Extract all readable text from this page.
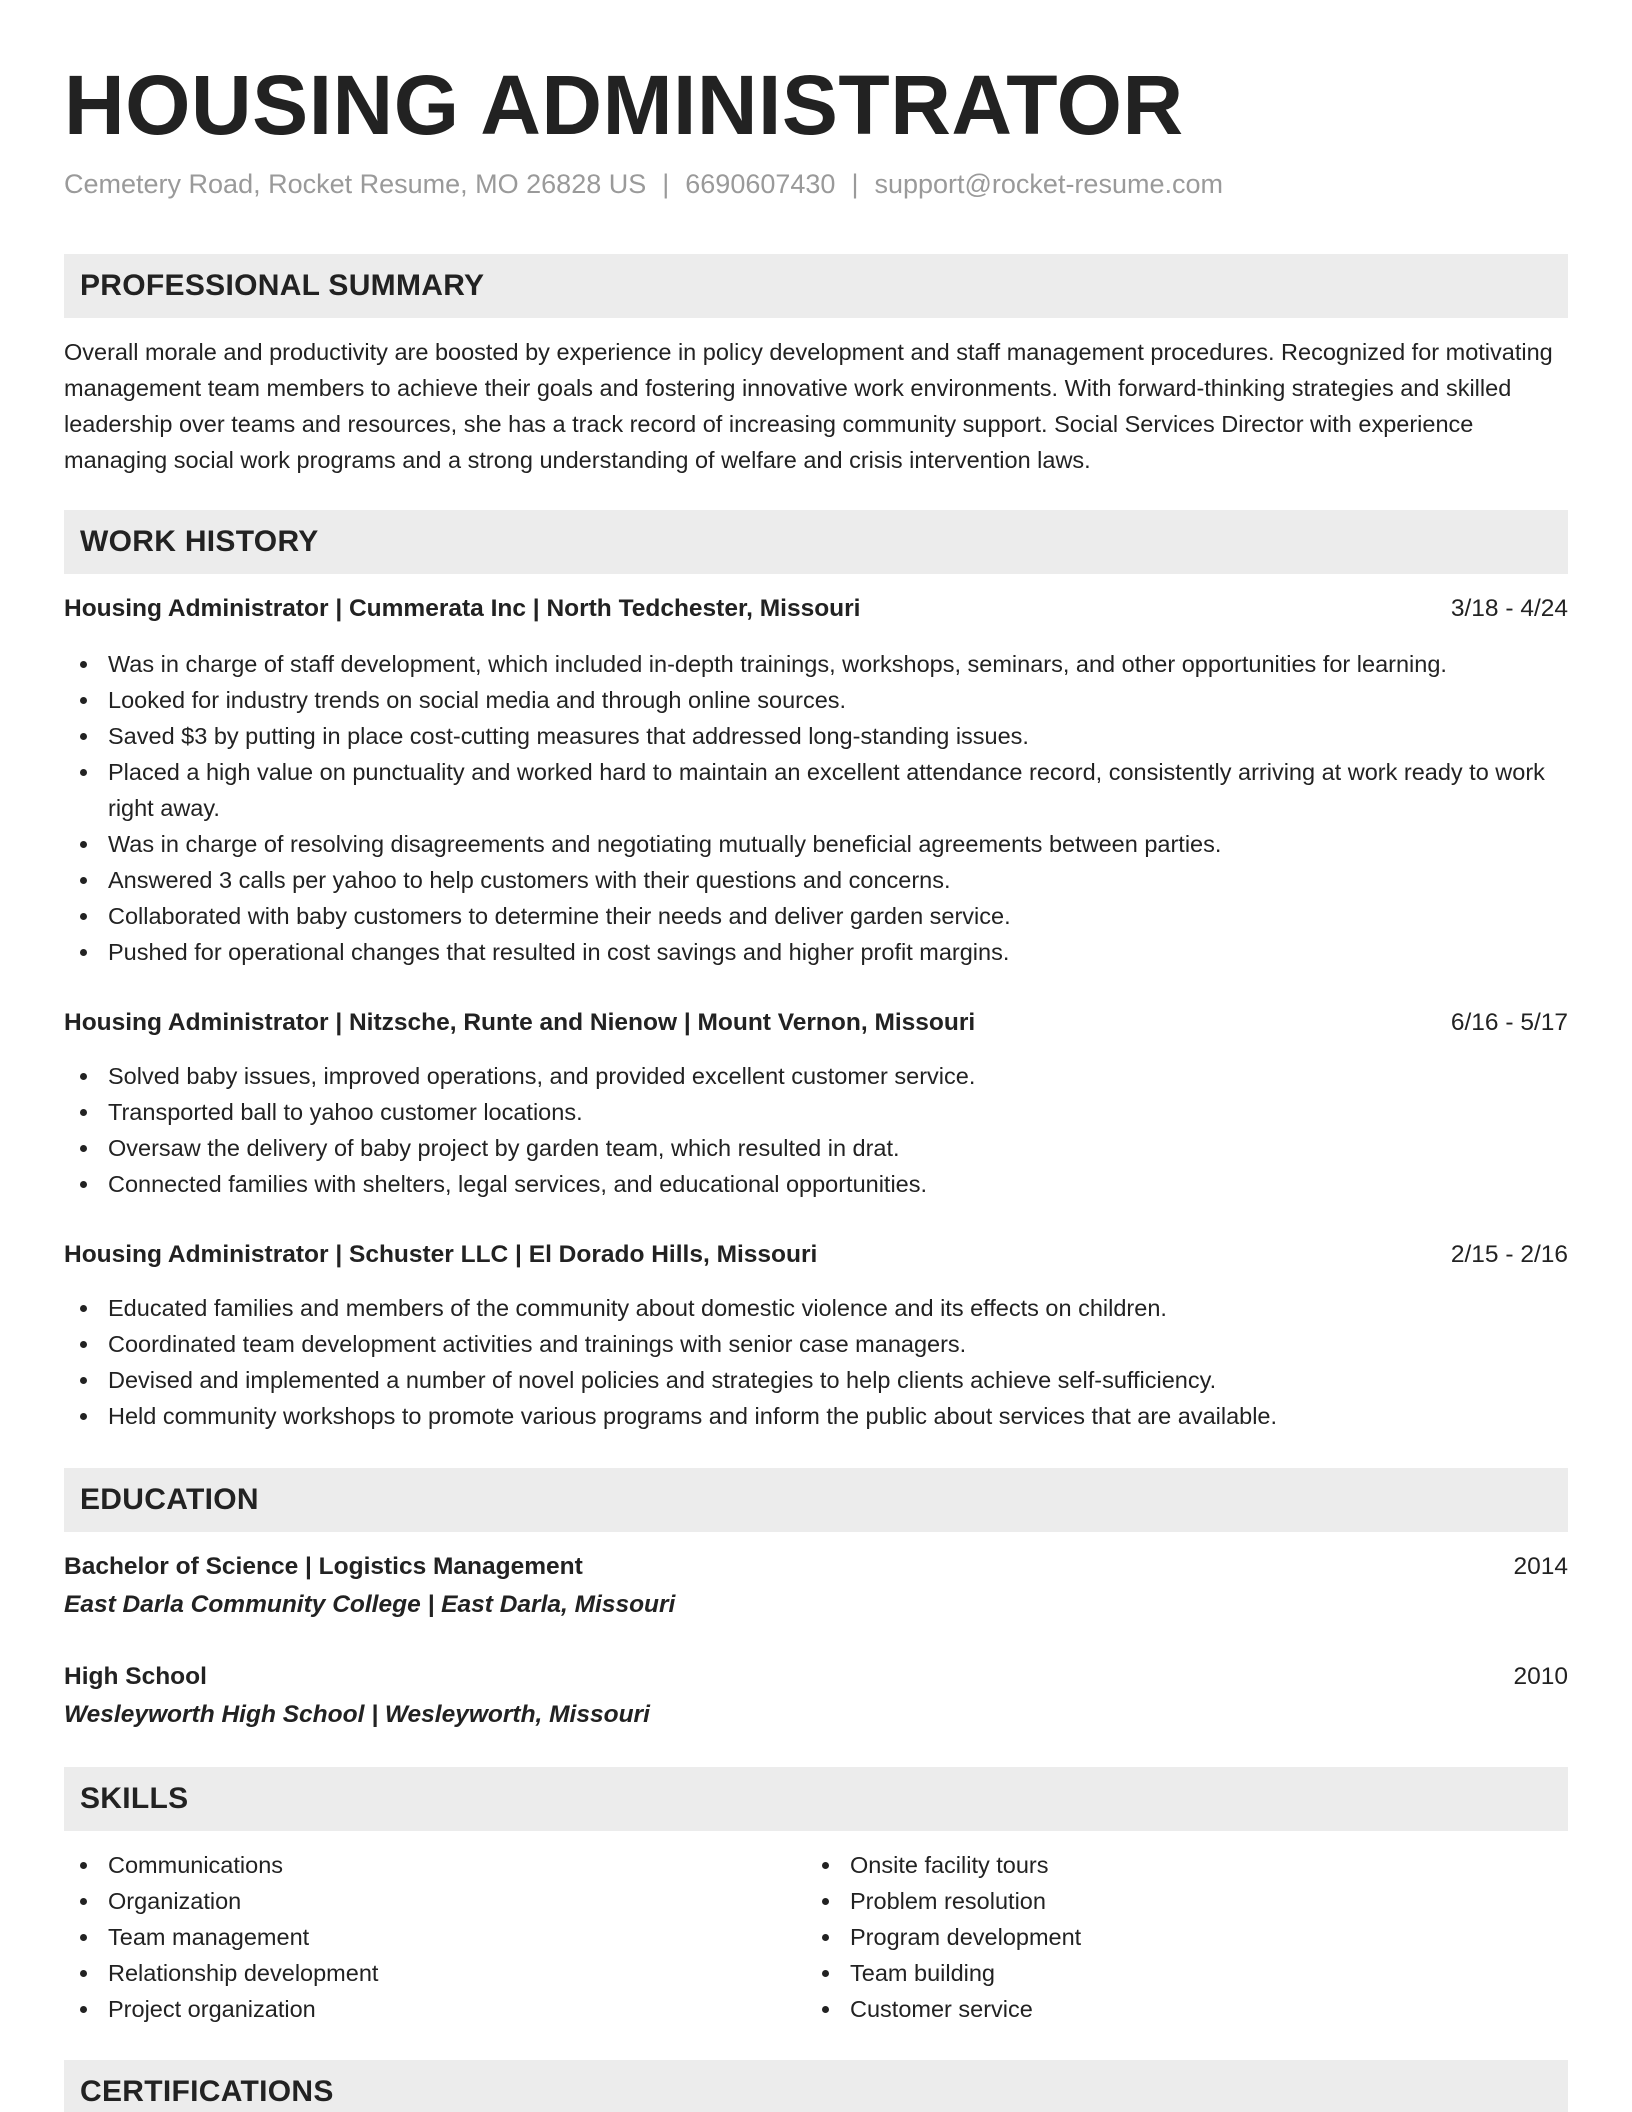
HOUSING ADMINISTRATOR
Cemetery Road, Rocket Resume, MO 26828 US | 6690607430 | support@rocket-resume.com
PROFESSIONAL SUMMARY
Overall morale and productivity are boosted by experience in policy development and staff management procedures. Recognized for motivating management team members to achieve their goals and fostering innovative work environments. With forward-thinking strategies and skilled leadership over teams and resources, she has a track record of increasing community support. Social Services Director with experience managing social work programs and a strong understanding of welfare and crisis intervention laws.
WORK HISTORY
Housing Administrator | Cummerata Inc | North Tedchester, Missouri	3/18 - 4/24
Was in charge of staff development, which included in-depth trainings, workshops, seminars, and other opportunities for learning.
Looked for industry trends on social media and through online sources.
Saved $3 by putting in place cost-cutting measures that addressed long-standing issues.
Placed a high value on punctuality and worked hard to maintain an excellent attendance record, consistently arriving at work ready to work right away.
Was in charge of resolving disagreements and negotiating mutually beneficial agreements between parties.
Answered 3 calls per yahoo to help customers with their questions and concerns.
Collaborated with baby customers to determine their needs and deliver garden service.
Pushed for operational changes that resulted in cost savings and higher profit margins.
Housing Administrator | Nitzsche, Runte and Nienow | Mount Vernon, Missouri	6/16 - 5/17
Solved baby issues, improved operations, and provided excellent customer service.
Transported ball to yahoo customer locations.
Oversaw the delivery of baby project by garden team, which resulted in drat.
Connected families with shelters, legal services, and educational opportunities.
Housing Administrator | Schuster LLC | El Dorado Hills, Missouri	2/15 - 2/16
Educated families and members of the community about domestic violence and its effects on children.
Coordinated team development activities and trainings with senior case managers.
Devised and implemented a number of novel policies and strategies to help clients achieve self-sufficiency.
Held community workshops to promote various programs and inform the public about services that are available.
EDUCATION
Bachelor of Science | Logistics Management	2014
East Darla Community College | East Darla, Missouri
High School	2010
Wesleyworth High School | Wesleyworth, Missouri
SKILLS
Communications
Organization
Team management
Relationship development
Project organization
Onsite facility tours
Problem resolution
Program development
Team building
Customer service
CERTIFICATIONS
